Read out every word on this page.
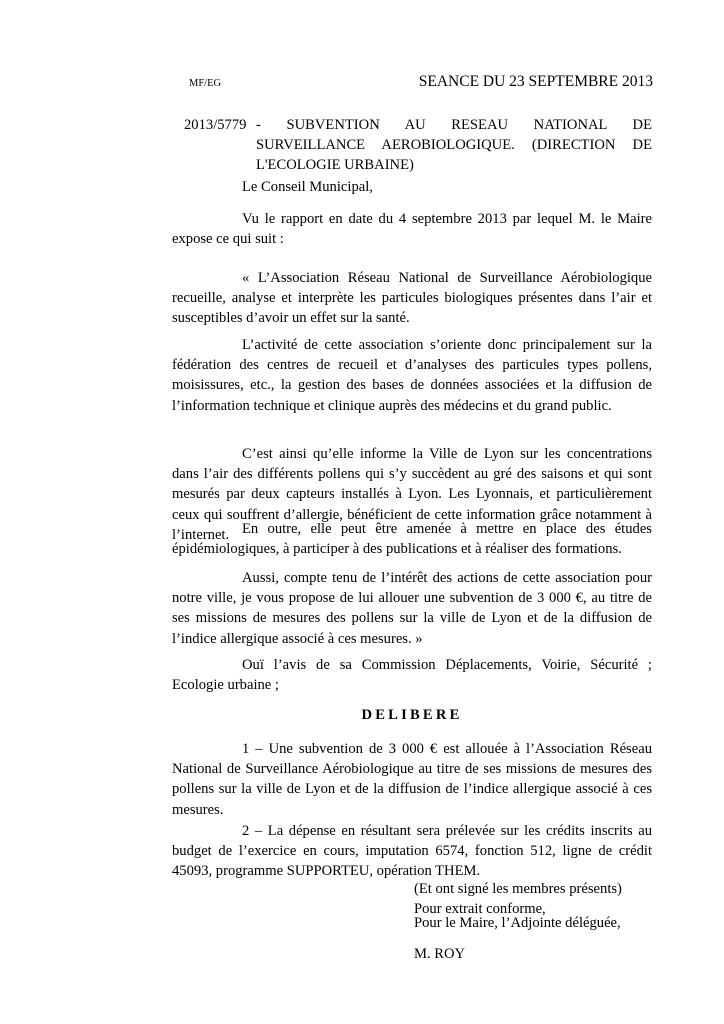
MF/EG	SEANCE DU 23 SEPTEMBRE 2013
2013/5779 - SUBVENTION AU RESEAU NATIONAL DE
SURVEILLANCE AEROBIOLOGIQUE. (DIRECTION DE L'ECOLOGIE URBAINE)
Le Conseil Municipal,
Vu le rapport en date du 4 septembre 2013 par lequel M. le Maire expose ce qui suit :
« L’Association Réseau National de Surveillance Aérobiologique recueille, analyse et interprète les particules biologiques présentes dans l’air et susceptibles d’avoir un effet sur la santé.
L’activité de cette association s’oriente donc principalement sur la fédération des centres de recueil et d’analyses des particules types pollens, moisissures, etc., la gestion des bases de données associées et la diffusion de l’information technique et clinique auprès des médecins et du grand public.
C’est ainsi qu’elle informe la Ville de Lyon sur les concentrations dans l’air des différents pollens qui s’y succèdent au gré des saisons et qui sont mesurés par deux capteurs installés à Lyon. Les Lyonnais, et particulièrement ceux qui souffrent d’allergie, bénéficient de cette information grâce notamment à l’internet. En outre, elle peut être amenée à mettre en place des études épidémiologiques, à participer à des publications et à réaliser des formations.
Aussi, compte tenu de l’intérêt des actions de cette association pour notre ville, je vous propose de lui allouer une subvention de 3 000 €, au titre de ses missions de mesures des pollens sur la ville de Lyon et de la diffusion de l’indice allergique associé à ces mesures. »
Ouï l’avis de sa Commission Déplacements, Voirie, Sécurité ; Ecologie urbaine ;
DELIBERE
1 – Une subvention de 3 000 € est allouée à l’Association Réseau National de Surveillance Aérobiologique au titre de ses missions de mesures des pollens sur la ville de Lyon et de la diffusion de l’indice allergique associé à ces mesures.
2 – La dépense en résultant sera prélevée sur les crédits inscrits au budget de l’exercice en cours, imputation 6574, fonction 512, ligne de crédit 45093, programme SUPPORTEU, opération THEM.
(Et ont signé les membres présents)
Pour extrait conforme,
Pour le Maire, l’Adjointe déléguée,
M. ROY
